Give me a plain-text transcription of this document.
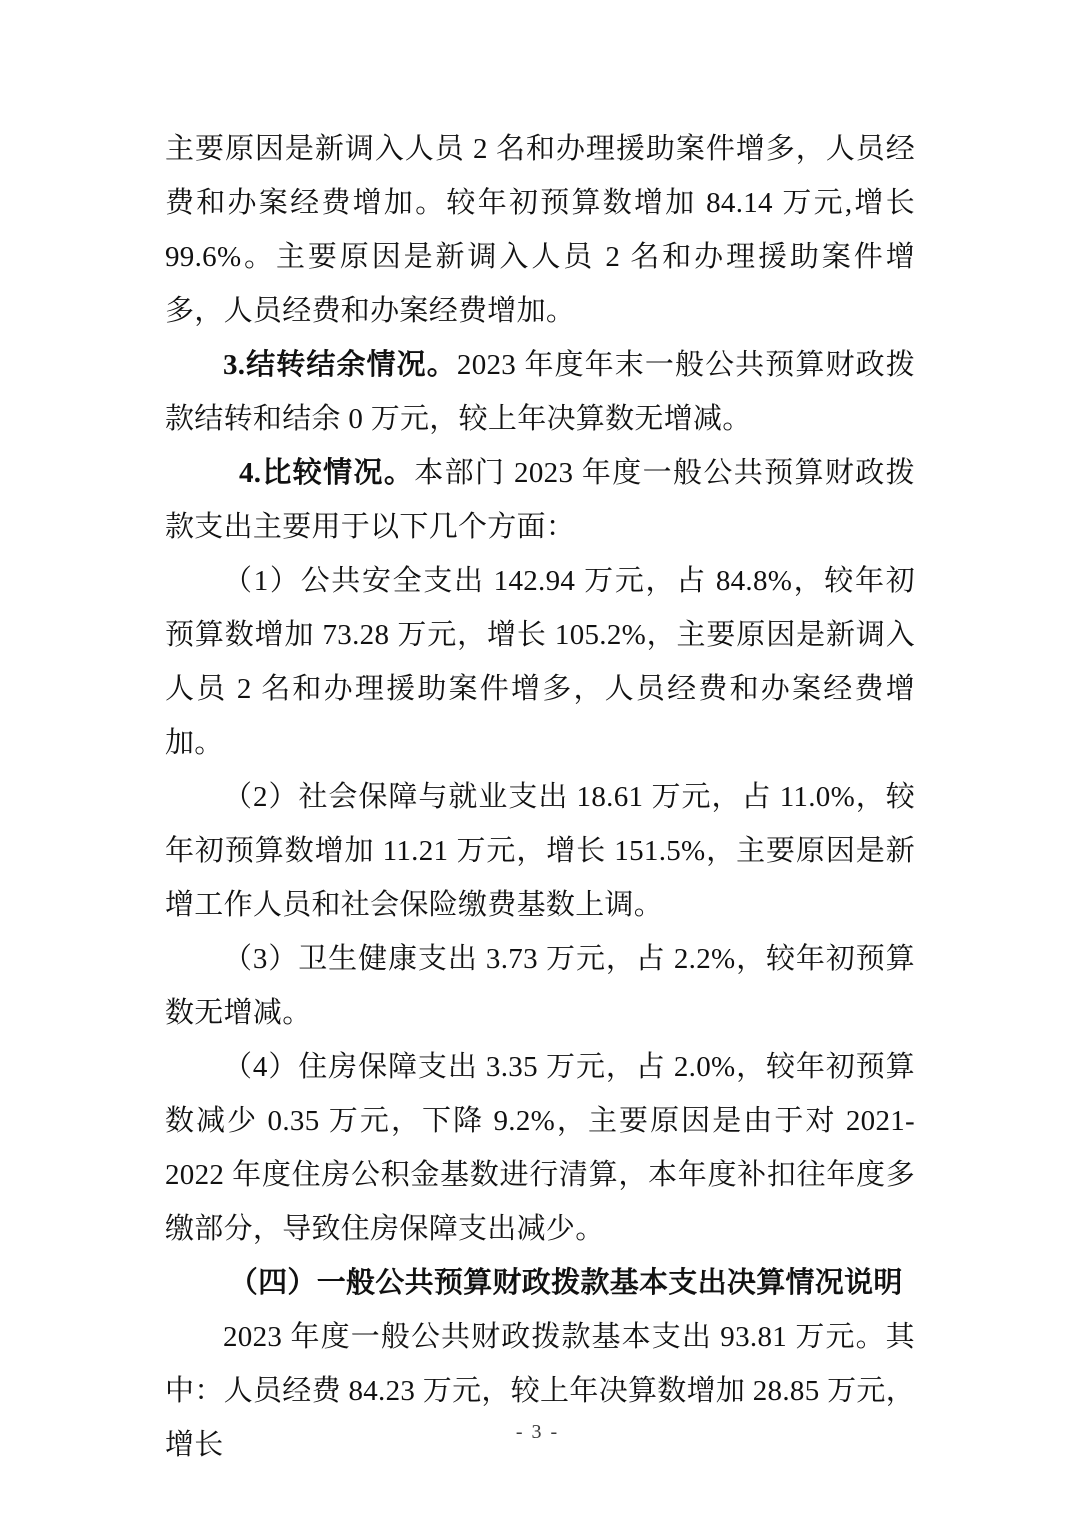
主要原因是新调入人员 2 名和办理援助案件增多，人员经费和办案经费增加。较年初预算数增加 84.14 万元,增长 99.6%。主要原因是新调入人员 2 名和办理援助案件增多，人员经费和办案经费增加。

3.结转结余情况。2023 年度年末一般公共预算财政拨款结转和结余 0 万元，较上年决算数无增减。

4.比较情况。本部门 2023 年度一般公共预算财政拨款支出主要用于以下几个方面：

（1）公共安全支出 142.94 万元，占 84.8%，较年初预算数增加 73.28 万元，增长 105.2%，主要原因是新调入人员 2 名和办理援助案件增多，人员经费和办案经费增加。

（2）社会保障与就业支出 18.61 万元，占 11.0%，较年初预算数增加 11.21 万元，增长 151.5%，主要原因是新增工作人员和社会保险缴费基数上调。

（3）卫生健康支出 3.73 万元，占 2.2%，较年初预算数无增减。

（4）住房保障支出 3.35 万元，占 2.0%，较年初预算数减少 0.35 万元，下降 9.2%，主要原因是由于对 2021-2022 年度住房公积金基数进行清算，本年度补扣往年度多缴部分，导致住房保障支出减少。

（四）一般公共预算财政拨款基本支出决算情况说明

2023 年度一般公共财政拨款基本支出 93.81 万元。其中：人员经费 84.23 万元，较上年决算数增加 28.85 万元，增长	- 3 -
